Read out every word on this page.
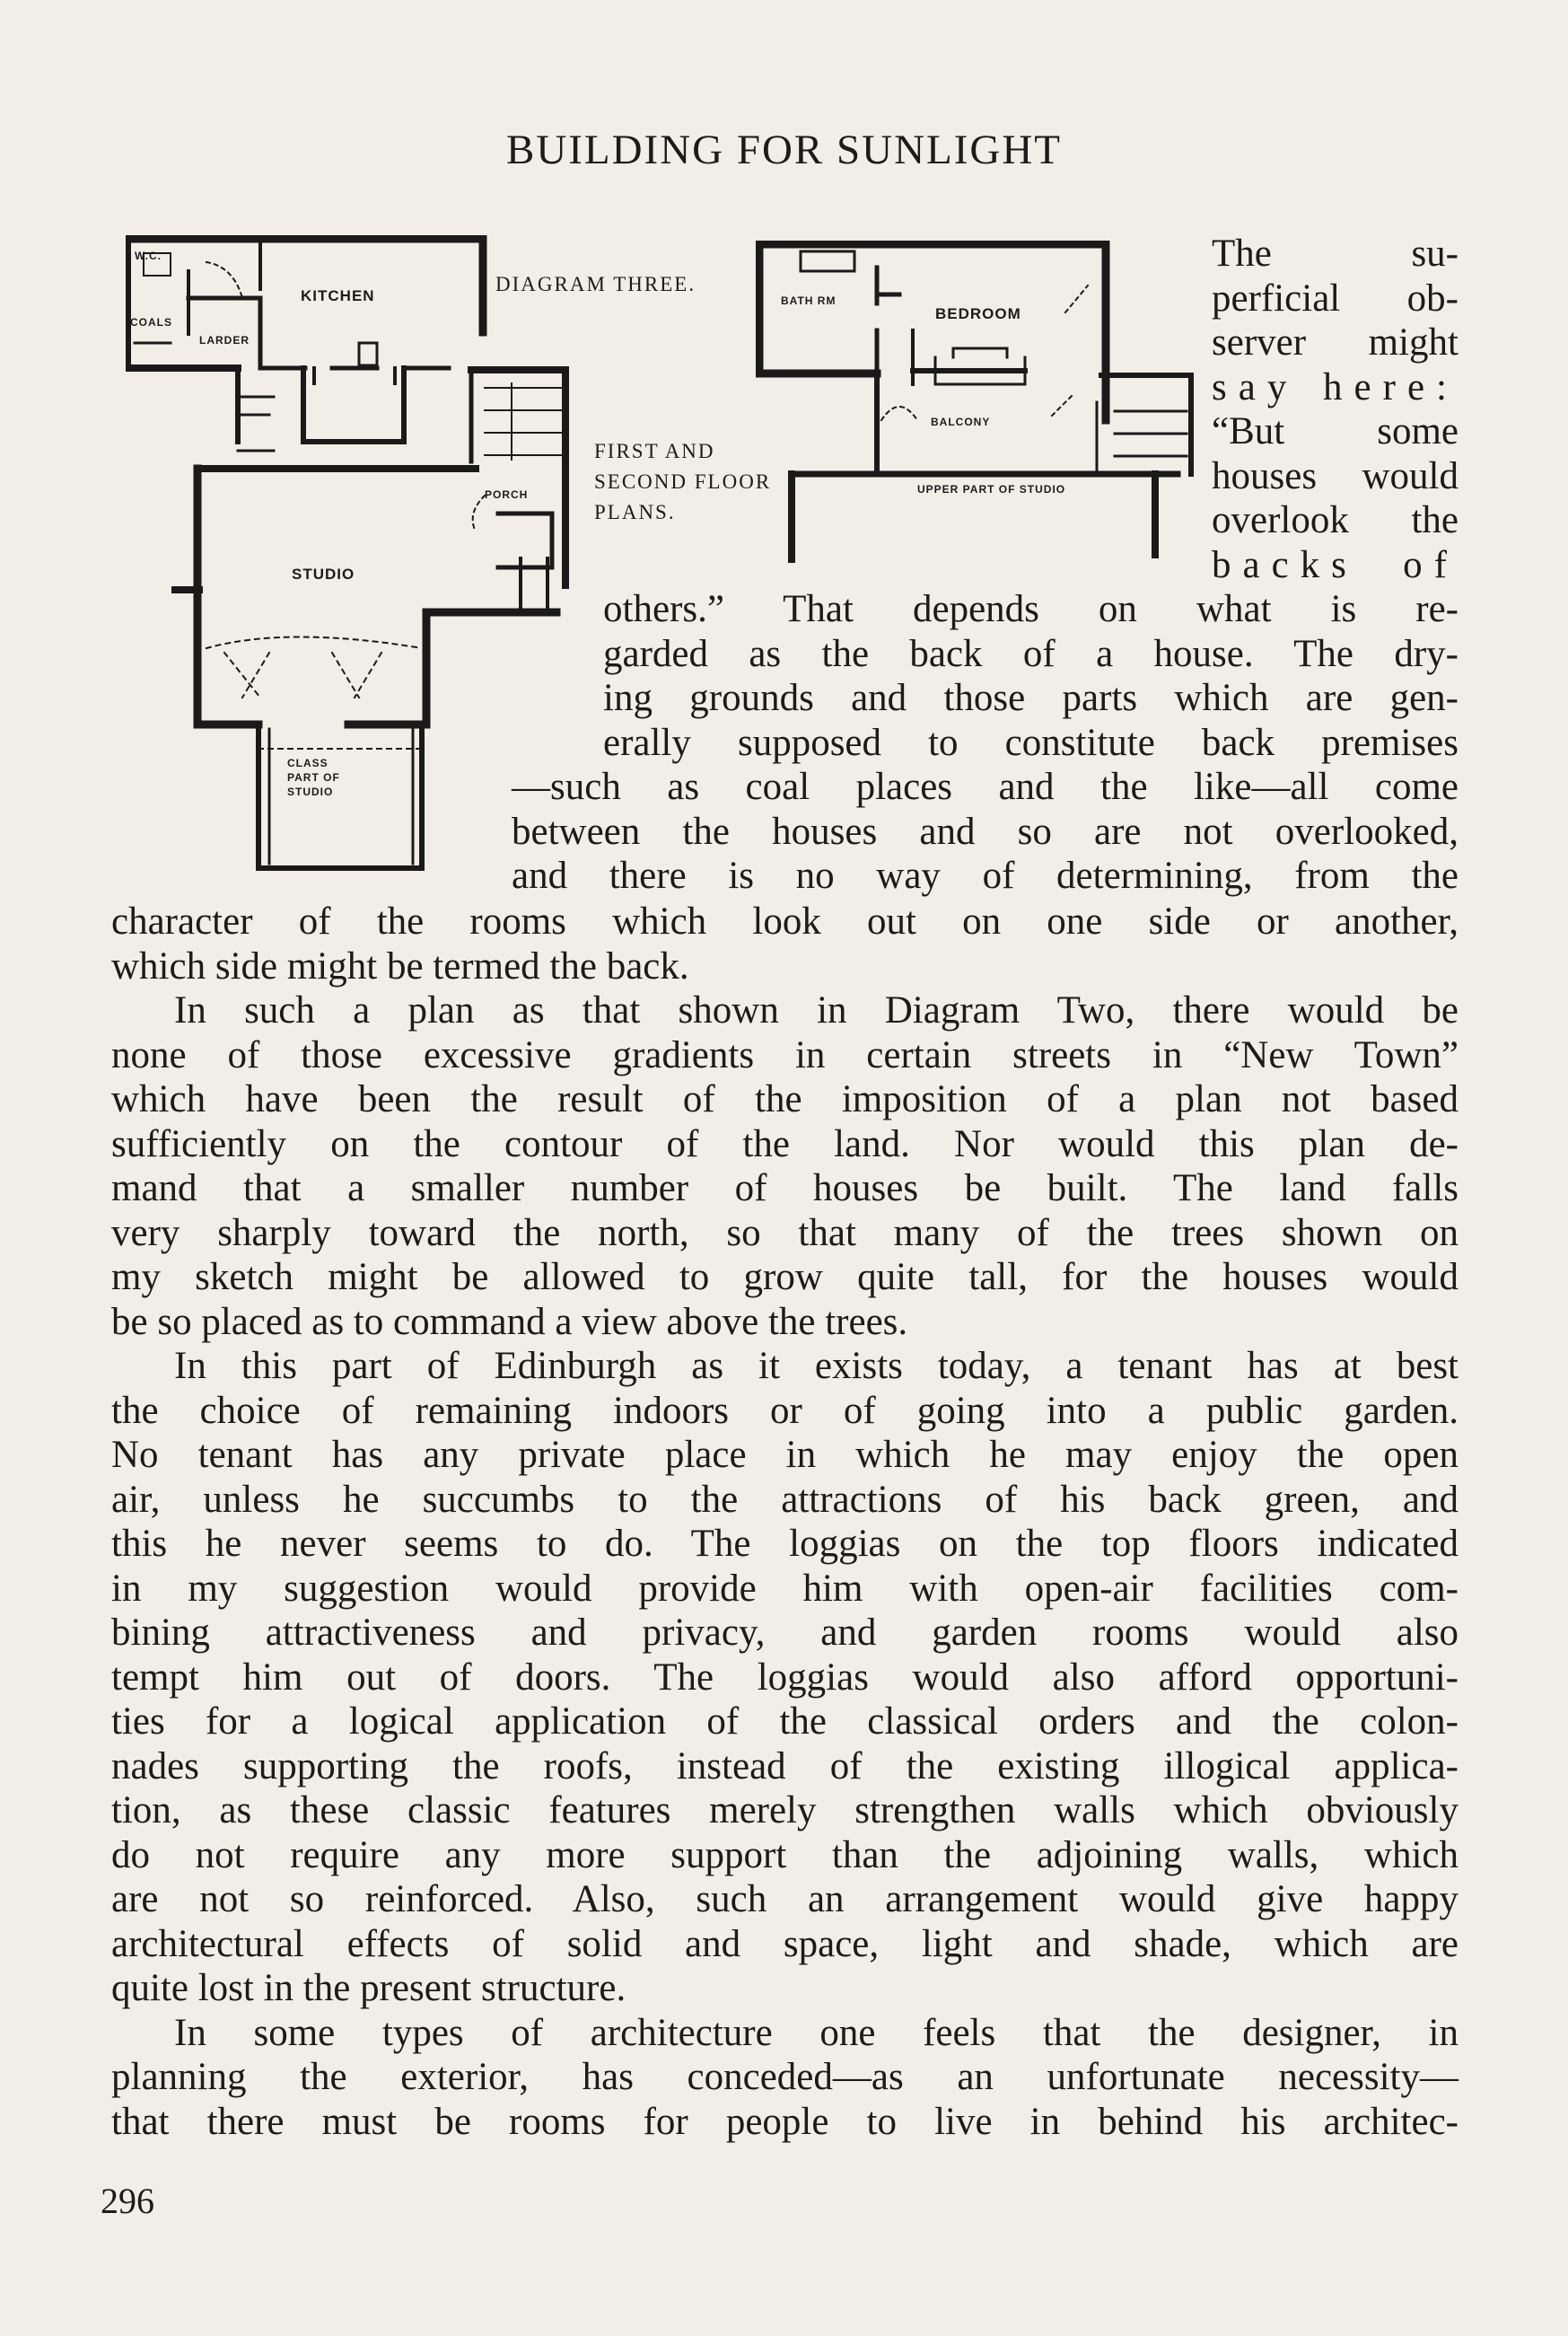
BUILDING FOR SUNLIGHT
W.C.
COALS
LARDER
KITCHEN
PORCH
STUDIO
CLASS
PART OF
STUDIO
DIAGRAM THREE.
FIRST AND
SECOND FLOOR
PLANS.
BATH RM
BEDROOM
BALCONY
UPPER PART OF STUDIO
The su-
perficial ob-
server might
say here:
“But some
houses would
overlook the
backs of
others.” That depends on what is re-
garded as the back of a house. The dry-
ing grounds and those parts which are gen-
erally supposed to constitute back premises
—such as coal places and the like—all come
between the houses and so are not overlooked,
and there is no way of determining, from the
character of the rooms which look out on one side or another,
which side might be termed the back.
In such a plan as that shown in Diagram Two, there would be
none of those excessive gradients in certain streets in “New Town”
which have been the result of the imposition of a plan not based
sufficiently on the contour of the land. Nor would this plan de-
mand that a smaller number of houses be built. The land falls
very sharply toward the north, so that many of the trees shown on
my sketch might be allowed to grow quite tall, for the houses would
be so placed as to command a view above the trees.
In this part of Edinburgh as it exists today, a tenant has at best
the choice of remaining indoors or of going into a public garden.
No tenant has any private place in which he may enjoy the open
air, unless he succumbs to the attractions of his back green, and
this he never seems to do. The loggias on the top floors indicated
in my suggestion would provide him with open-air facilities com-
bining attractiveness and privacy, and garden rooms would also
tempt him out of doors. The loggias would also afford opportuni-
ties for a logical application of the classical orders and the colon-
nades supporting the roofs, instead of the existing illogical applica-
tion, as these classic features merely strengthen walls which obviously
do not require any more support than the adjoining walls, which
are not so reinforced. Also, such an arrangement would give happy
architectural effects of solid and space, light and shade, which are
quite lost in the present structure.
In some types of architecture one feels that the designer, in
planning the exterior, has conceded—as an unfortunate necessity—
that there must be rooms for people to live in behind his architec-
296
